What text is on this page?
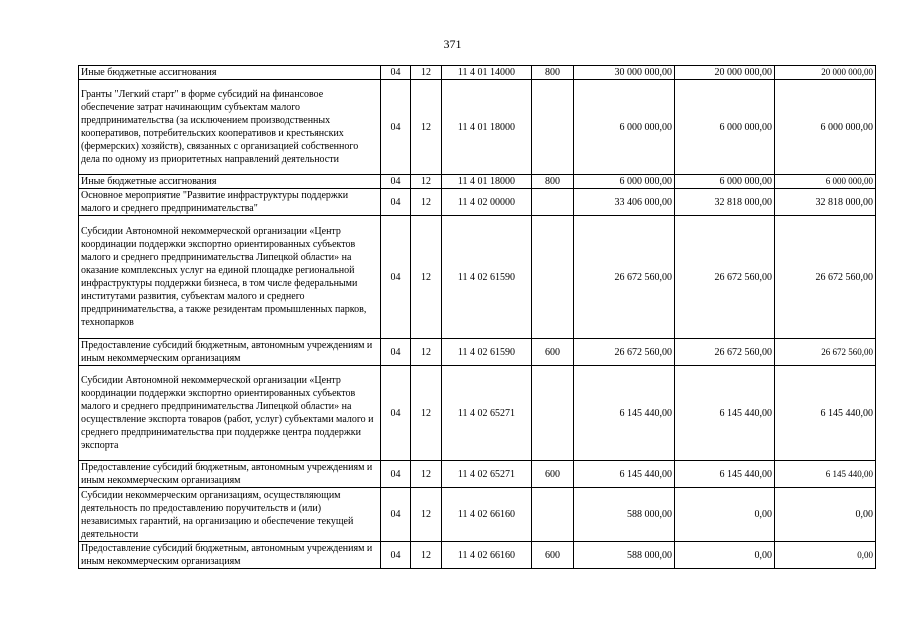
371
Иные бюджетные ассигнования	04	12	11 4 01 14000	800	30 000 000,00	20 000 000,00	20 000 000,00
Гранты "Легкий старт" в форме субсидий на финансовое обеспечение затрат начинающим субъектам малого предпринимательства (за исключением производственных кооперативов, потребительских кооперативов и крестьянских (фермерских) хозяйств), связанных с организацией собственного дела по одному из приоритетных направлений деятельности	04	12	11 4 01 18000		6 000 000,00	6 000 000,00	6 000 000,00
Иные бюджетные ассигнования	04	12	11 4 01 18000	800	6 000 000,00	6 000 000,00	6 000 000,00
Основное мероприятие "Развитие инфраструктуры поддержки малого и среднего предпринимательства"	04	12	11 4 02 00000		33 406 000,00	32 818 000,00	32 818 000,00
Субсидии Автономной некоммерческой организации «Центр координации поддержки экспортно ориентированных субъектов малого и среднего предпринимательства Липецкой области» на оказание комплексных услуг на единой площадке региональной инфраструктуры поддержки бизнеса, в том числе федеральными институтами развития, субъектам малого и среднего предпринимательства, а также резидентам промышленных парков, технопарков	04	12	11 4 02 61590		26 672 560,00	26 672 560,00	26 672 560,00
Предоставление субсидий бюджетным, автономным учреждениям и иным некоммерческим организациям	04	12	11 4 02 61590	600	26 672 560,00	26 672 560,00	26 672 560,00
Субсидии Автономной некоммерческой организации «Центр координации поддержки экспортно ориентированных субъектов малого и среднего предпринимательства Липецкой области» на осуществление экспорта товаров (работ, услуг) субъектами малого и среднего предпринимательства при поддержке центра поддержки экспорта	04	12	11 4 02 65271		6 145 440,00	6 145 440,00	6 145 440,00
Предоставление субсидий бюджетным, автономным учреждениям и иным некоммерческим организациям	04	12	11 4 02 65271	600	6 145 440,00	6 145 440,00	6 145 440,00
Субсидии некоммерческим организациям, осуществляющим деятельность по предоставлению поручительств и (или) независимых гарантий, на организацию и обеспечение текущей деятельности	04	12	11 4 02 66160		588 000,00	0,00	0,00
Предоставление субсидий бюджетным, автономным учреждениям и иным некоммерческим организациям	04	12	11 4 02 66160	600	588 000,00	0,00	0,00
